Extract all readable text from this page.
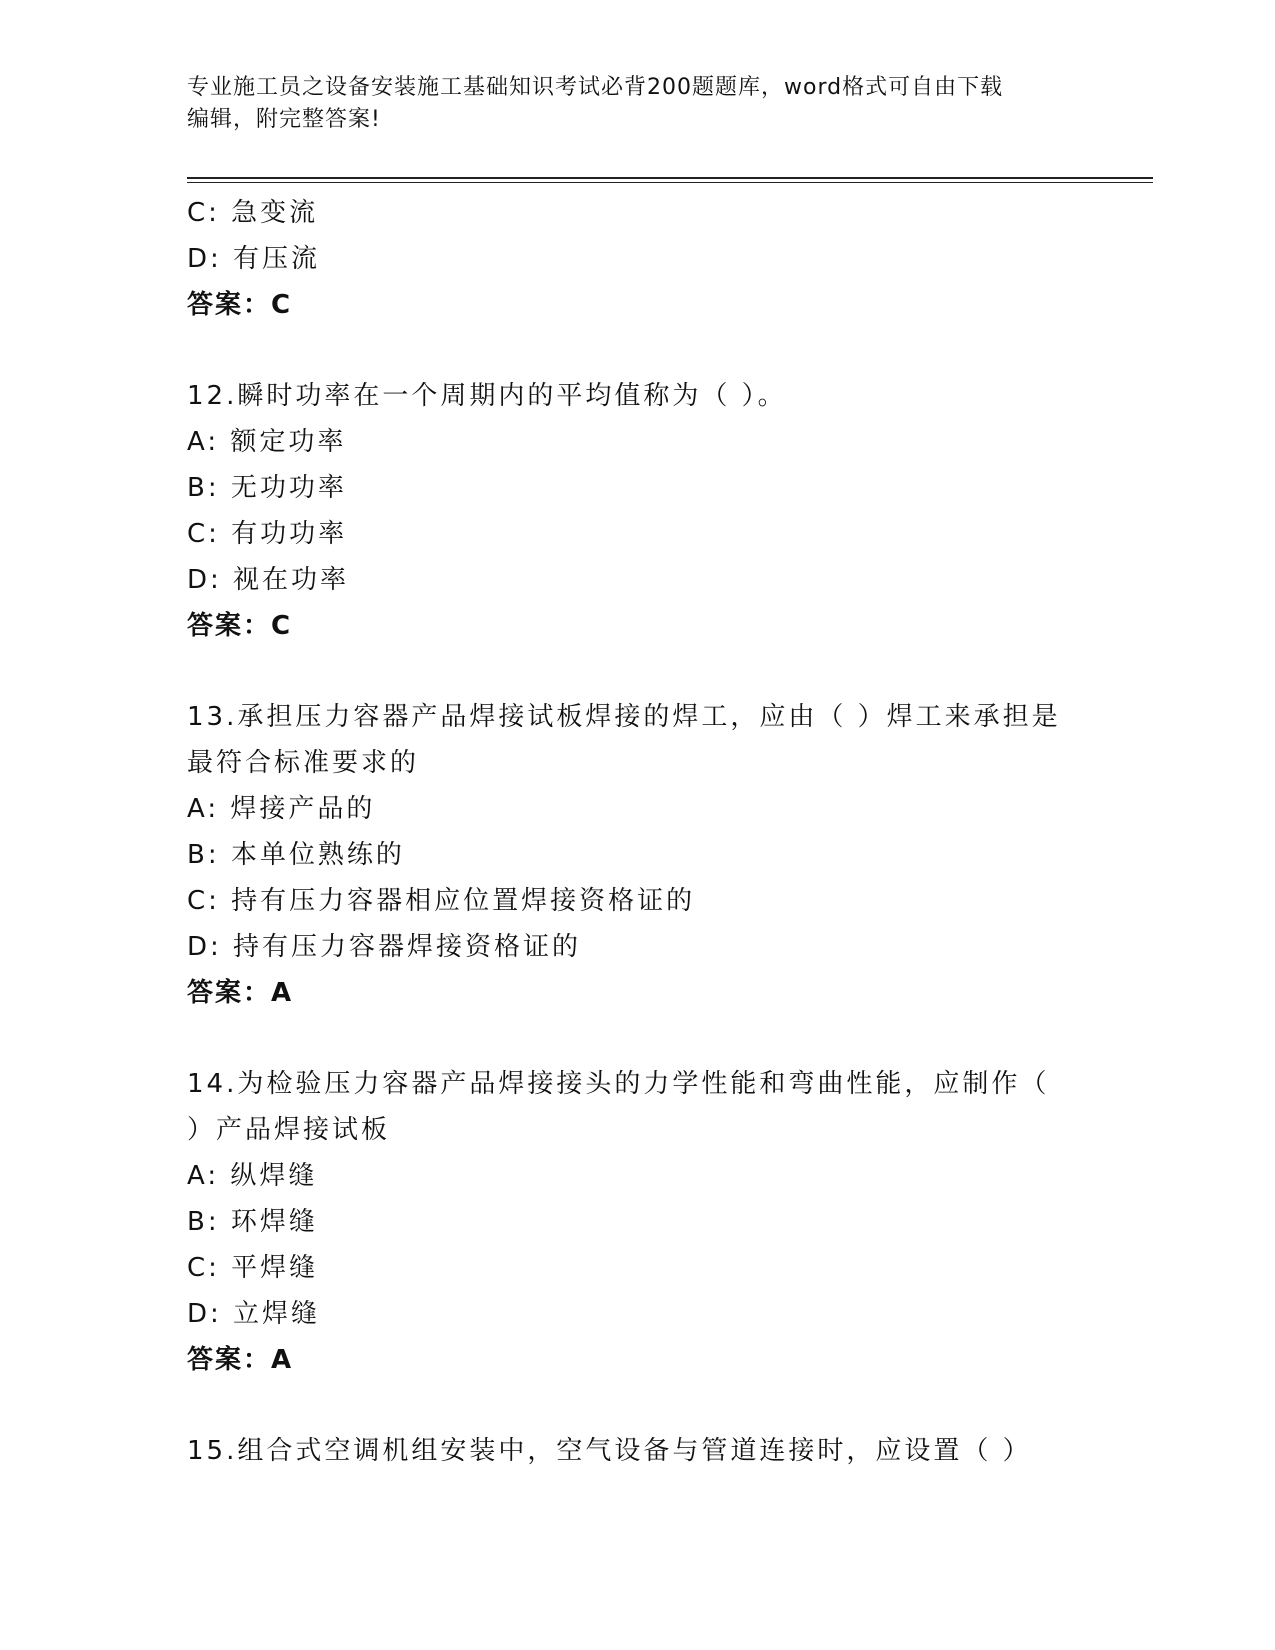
专业施工员之设备安装施工基础知识考试必背200题题库，word格式可自由下载
编辑，附完整答案!
C: 急变流
D: 有压流
答案：C
12.瞬时功率在一个周期内的平均值称为（ ）。
A: 额定功率
B: 无功功率
C: 有功功率
D: 视在功率
答案：C
13.承担压力容器产品焊接试板焊接的焊工，应由（ ）焊工来承担是
最符合标准要求的
A: 焊接产品的
B: 本单位熟练的
C: 持有压力容器相应位置焊接资格证的
D: 持有压力容器焊接资格证的
答案：A
14.为检验压力容器产品焊接接头的力学性能和弯曲性能，应制作（
）产品焊接试板
A: 纵焊缝
B: 环焊缝
C: 平焊缝
D: 立焊缝
答案：A
15.组合式空调机组安装中，空气设备与管道连接时，应设置（ ）
